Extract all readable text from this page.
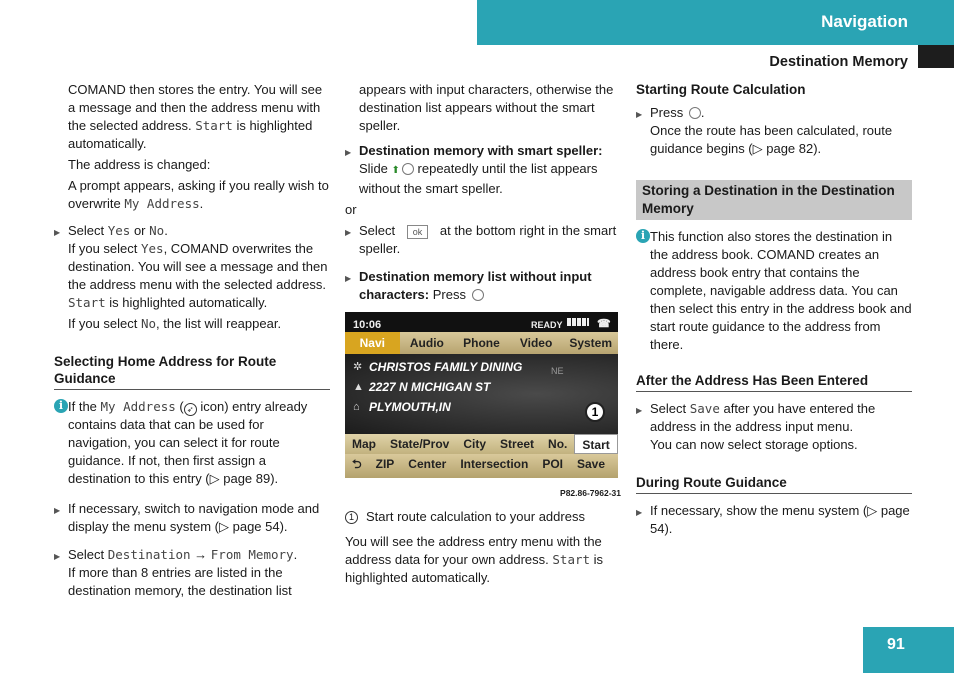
Navigation
Destination Memory
COMAND then stores the entry. You will see a message and then the address menu with the selected address. Start is highlighted automatically.
The address is changed:
A prompt appears, asking if you really wish to overwrite My Address.
▶ Select Yes or No.
If you select Yes, COMAND overwrites the destination. You will see a message and then the address menu with the selected address. Start is highlighted automatically.
If you select No, the list will reappear.
Selecting Home Address for Route Guidance
i If the My Address ( ➶ icon) entry already contains data that can be used for navigation, you can select it for route guidance. If not, then first assign a destination to this entry (▷ page 89).
▶ If necessary, switch to navigation mode and display the menu system (▷ page 54).
▶ Select Destination → From Memory.
If more than 8 entries are listed in the destination memory, the destination list
appears with input characters, otherwise the destination list appears without the smart speller.
▶ Destination memory with smart speller:
Slide ⬆ repeatedly until the list appears without the smart speller.
or
▶ Select ok at the bottom right in the smart speller.
▶ Destination memory list without input characters: Press
10:06	READY	☎
Navi	Audio	Phone	Video	System
✲ CHRISTOS FAMILY DINING
▲ 2227 N MICHIGAN ST
⌂ PLYMOUTH,IN
NE
Map	State/Prov	City	Street	No.	Start
⮌	ZIP	Center	Intersection	POI	Save
1
P82.86-7962-31
1 Start route calculation to your address
You will see the address entry menu with the address data for your own address. Start is highlighted automatically.
Starting Route Calculation
▶ Press .
Once the route has been calculated, route guidance begins (▷ page 82).
Storing a Destination in the Destination Memory
i This function also stores the destination in the address book. COMAND creates an address book entry that contains the complete, navigable address data. You can then select this entry in the address book and start route guidance to the address from there.
After the Address Has Been Entered
▶ Select Save after you have entered the address in the address input menu.
You can now select storage options.
During Route Guidance
▶ If necessary, show the menu system (▷ page 54).
91
